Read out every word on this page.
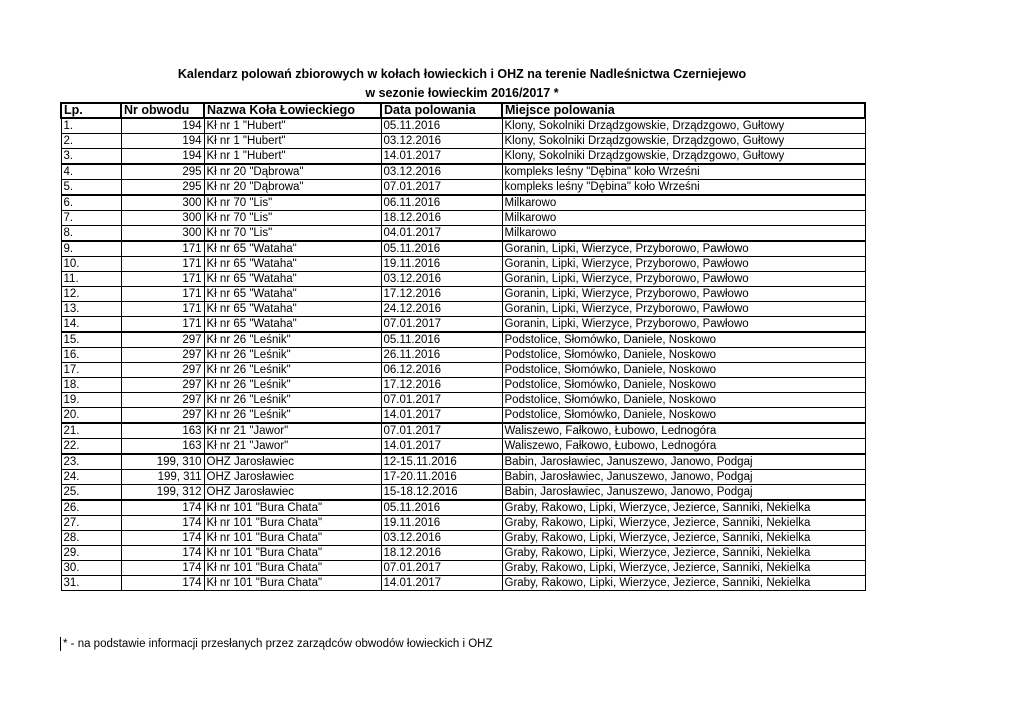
Kalendarz polowań zbiorowych w kołach łowieckich i OHZ na terenie Nadleśnictwa Czerniejewo
w sezonie łowieckim 2016/2017 *
Lp.	Nr obwodu	Nazwa Koła Łowieckiego	Data polowania	Miejsce polowania
1.	194	Kł nr 1 "Hubert"	05.11.2016	Klony, Sokolniki Drządzgowskie, Drządzgowo, Gułtowy
2.	194	Kł nr 1 "Hubert"	03.12.2016	Klony, Sokolniki Drządzgowskie, Drządzgowo, Gułtowy
3.	194	Kł nr 1 "Hubert"	14.01.2017	Klony, Sokolniki Drządzgowskie, Drządzgowo, Gułtowy
4.	295	Kł nr 20 "Dąbrowa"	03.12.2016	kompleks leśny "Dębina" koło Wrześni
5.	295	Kł nr 20 "Dąbrowa"	07.01.2017	kompleks leśny "Dębina" koło Wrześni
6.	300	Kł nr 70 "Lis"	06.11.2016	Milkarowo
7.	300	Kł nr 70 "Lis"	18.12.2016	Milkarowo
8.	300	Kł nr 70 "Lis"	04.01.2017	Milkarowo
9.	171	Kł nr 65 "Wataha"	05.11.2016	Goranin, Lipki, Wierzyce, Przyborowo, Pawłowo
10.	171	Kł nr 65 "Wataha"	19.11.2016	Goranin, Lipki, Wierzyce, Przyborowo, Pawłowo
11.	171	Kł nr 65 "Wataha"	03.12.2016	Goranin, Lipki, Wierzyce, Przyborowo, Pawłowo
12.	171	Kł nr 65 "Wataha"	17.12.2016	Goranin, Lipki, Wierzyce, Przyborowo, Pawłowo
13.	171	Kł nr 65 "Wataha"	24.12.2016	Goranin, Lipki, Wierzyce, Przyborowo, Pawłowo
14.	171	Kł nr 65 "Wataha"	07.01.2017	Goranin, Lipki, Wierzyce, Przyborowo, Pawłowo
15.	297	Kł nr 26 "Leśnik"	05.11.2016	Podstolice, Słomówko, Daniele, Noskowo
16.	297	Kł nr 26 "Leśnik"	26.11.2016	Podstolice, Słomówko, Daniele, Noskowo
17.	297	Kł nr 26 "Leśnik"	06.12.2016	Podstolice, Słomówko, Daniele, Noskowo
18.	297	Kł nr 26 "Leśnik"	17.12.2016	Podstolice, Słomówko, Daniele, Noskowo
19.	297	Kł nr 26 "Leśnik"	07.01.2017	Podstolice, Słomówko, Daniele, Noskowo
20.	297	Kł nr 26 "Leśnik"	14.01.2017	Podstolice, Słomówko, Daniele, Noskowo
21.	163	Kł nr 21 "Jawor"	07.01.2017	Waliszewo, Fałkowo, Łubowo, Lednogóra
22.	163	Kł nr 21 "Jawor"	14.01.2017	Waliszewo, Fałkowo, Łubowo, Lednogóra
23.	199, 310	OHZ Jarosławiec	12-15.11.2016	Babin, Jarosławiec, Januszewo, Janowo, Podgaj
24.	199, 311	OHZ Jarosławiec	17-20.11.2016	Babin, Jarosławiec, Januszewo, Janowo, Podgaj
25.	199, 312	OHZ Jarosławiec	15-18.12.2016	Babin, Jarosławiec, Januszewo, Janowo, Podgaj
26.	174	Kł nr 101 "Bura Chata"	05.11.2016	Graby, Rakowo, Lipki, Wierzyce, Jezierce, Sanniki, Nekielka
27.	174	Kł nr 101 "Bura Chata"	19.11.2016	Graby, Rakowo, Lipki, Wierzyce, Jezierce, Sanniki, Nekielka
28.	174	Kł nr 101 "Bura Chata"	03.12.2016	Graby, Rakowo, Lipki, Wierzyce, Jezierce, Sanniki, Nekielka
29.	174	Kł nr 101 "Bura Chata"	18.12.2016	Graby, Rakowo, Lipki, Wierzyce, Jezierce, Sanniki, Nekielka
30.	174	Kł nr 101 "Bura Chata"	07.01.2017	Graby, Rakowo, Lipki, Wierzyce, Jezierce, Sanniki, Nekielka
31.	174	Kł nr 101 "Bura Chata"	14.01.2017	Graby, Rakowo, Lipki, Wierzyce, Jezierce, Sanniki, Nekielka
* - na podstawie informacji przesłanych przez zarządców obwodów łowieckich i OHZ
